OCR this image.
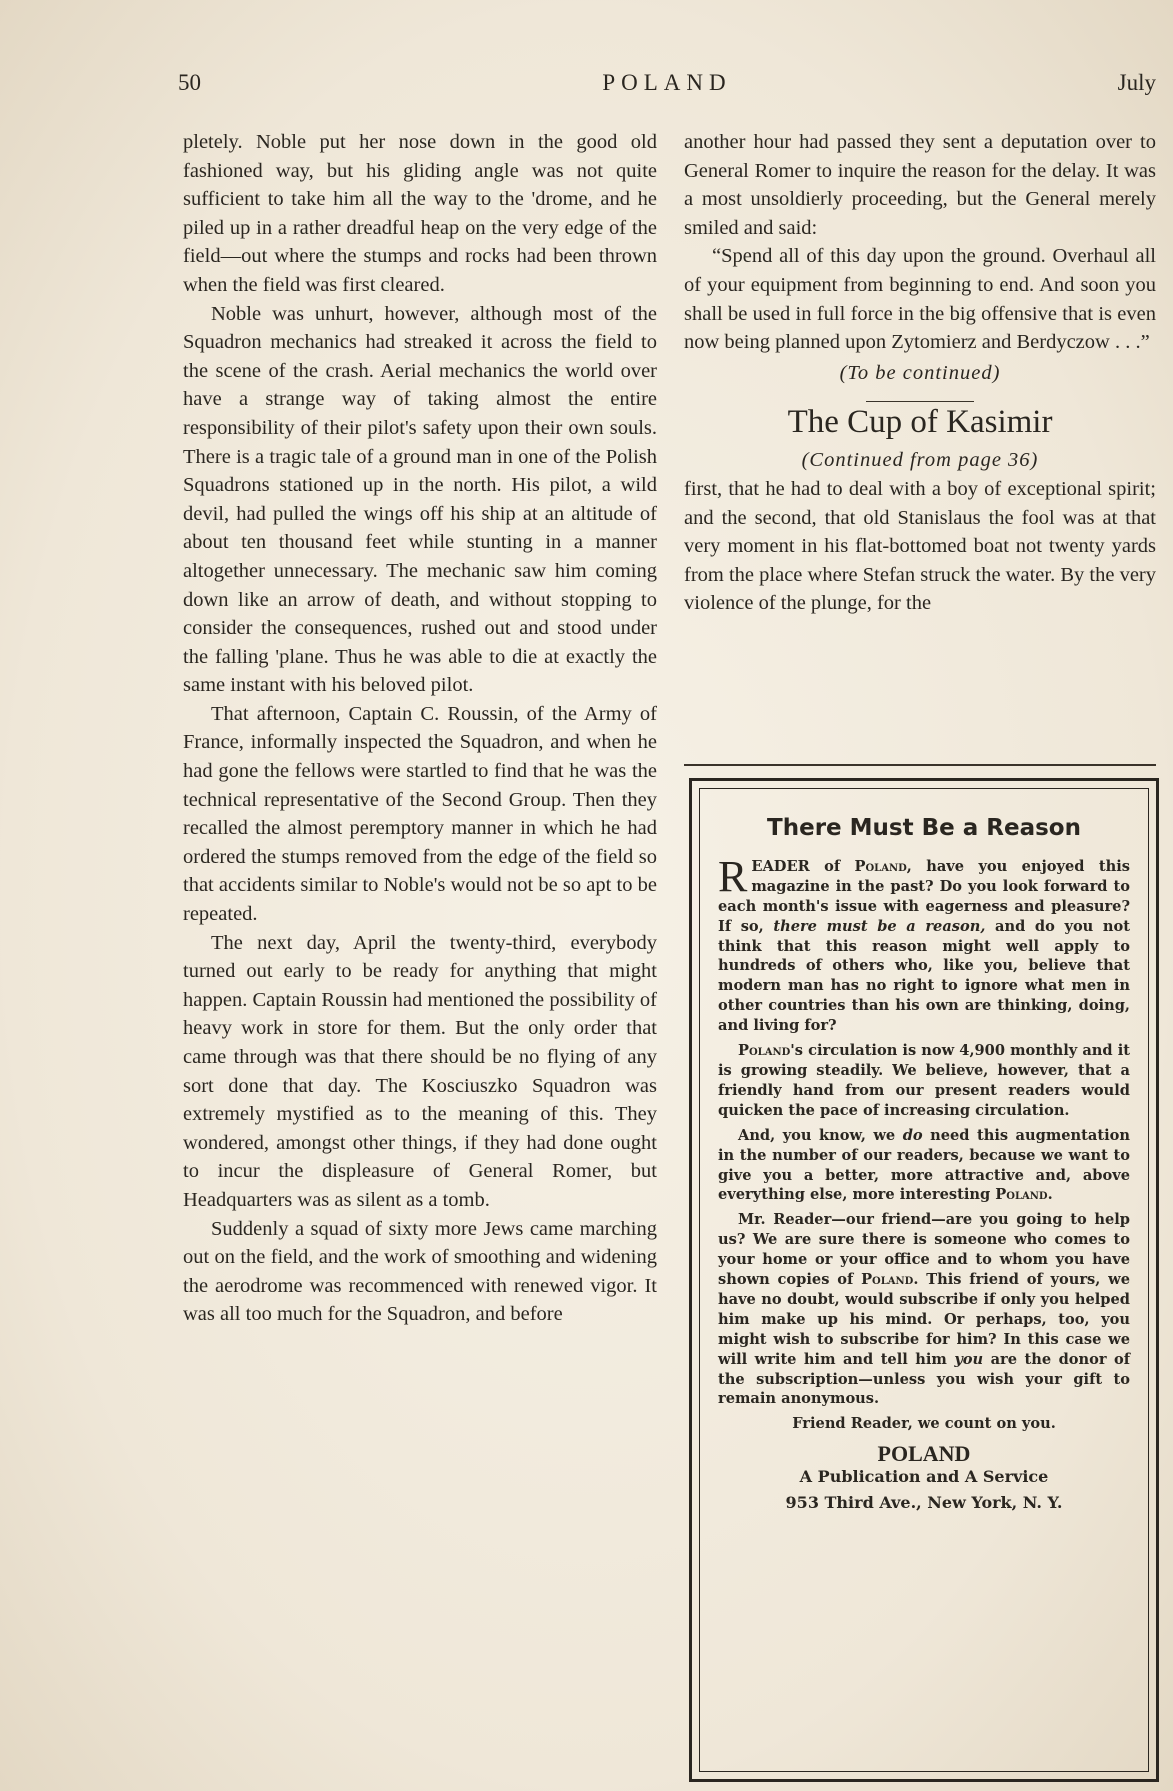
50	POLAND	July

pletely. Noble put her nose down in the good old fashioned way, but his gliding angle was not quite sufficient to take him all the way to the 'drome, and he piled up in a rather dreadful heap on the very edge of the field—out where the stumps and rocks had been thrown when the field was first cleared.

Noble was unhurt, however, although most of the Squadron mechanics had streaked it across the field to the scene of the crash. Aerial mechanics the world over have a strange way of taking almost the entire responsibility of their pilot's safety upon their own souls. There is a tragic tale of a ground man in one of the Polish Squadrons stationed up in the north. His pilot, a wild devil, had pulled the wings off his ship at an altitude of about ten thousand feet while stunting in a manner altogether unnecessary. The mechanic saw him coming down like an arrow of death, and without stopping to consider the consequences, rushed out and stood under the falling 'plane. Thus he was able to die at exactly the same instant with his beloved pilot.

That afternoon, Captain C. Roussin, of the Army of France, informally inspected the Squadron, and when he had gone the fellows were startled to find that he was the technical representative of the Second Group. Then they recalled the almost peremptory manner in which he had ordered the stumps removed from the edge of the field so that accidents similar to Noble's would not be so apt to be repeated.

The next day, April the twenty-third, everybody turned out early to be ready for anything that might happen. Captain Roussin had mentioned the possibility of heavy work in store for them. But the only order that came through was that there should be no flying of any sort done that day. The Kosciuszko Squadron was extremely mystified as to the meaning of this. They wondered, amongst other things, if they had done ought to incur the displeasure of General Romer, but Headquarters was as silent as a tomb.

Suddenly a squad of sixty more Jews came marching out on the field, and the work of smoothing and widening the aerodrome was recommenced with renewed vigor. It was all too much for the Squadron, and before

another hour had passed they sent a deputation over to General Romer to inquire the reason for the delay. It was a most unsoldierly proceeding, but the General merely smiled and said:

“Spend all of this day upon the ground. Overhaul all of your equipment from beginning to end. And soon you shall be used in full force in the big offensive that is even now being planned upon Zytomierz and Berdyczow . . .”

(To be continued)

The Cup of Kasimir

(Continued from page 36)

first, that he had to deal with a boy of exceptional spirit; and the second, that old Stanislaus the fool was at that very moment in his flat-bottomed boat not twenty yards from the place where Stefan struck the water. By the very violence of the plunge, for the

There Must Be a Reason

READER of Poland, have you enjoyed this magazine in the past? Do you look forward to each month's issue with eagerness and pleasure? If so, there must be a reason, and do you not think that this reason might well apply to hundreds of others who, like you, believe that modern man has no right to ignore what men in other countries than his own are thinking, doing, and living for?

Poland's circulation is now 4,900 monthly and it is growing steadily. We believe, however, that a friendly hand from our present readers would quicken the pace of increasing circulation.

And, you know, we do need this augmentation in the number of our readers, because we want to give you a better, more attractive and, above everything else, more interesting Poland.

Mr. Reader—our friend—are you going to help us? We are sure there is someone who comes to your home or your office and to whom you have shown copies of Poland. This friend of yours, we have no doubt, would subscribe if only you helped him make up his mind. Or perhaps, too, you might wish to subscribe for him? In this case we will write him and tell him you are the donor of the subscription—unless you wish your gift to remain anonymous.

Friend Reader, we count on you.

POLAND
A Publication and A Service
953 Third Ave., New York, N. Y.
